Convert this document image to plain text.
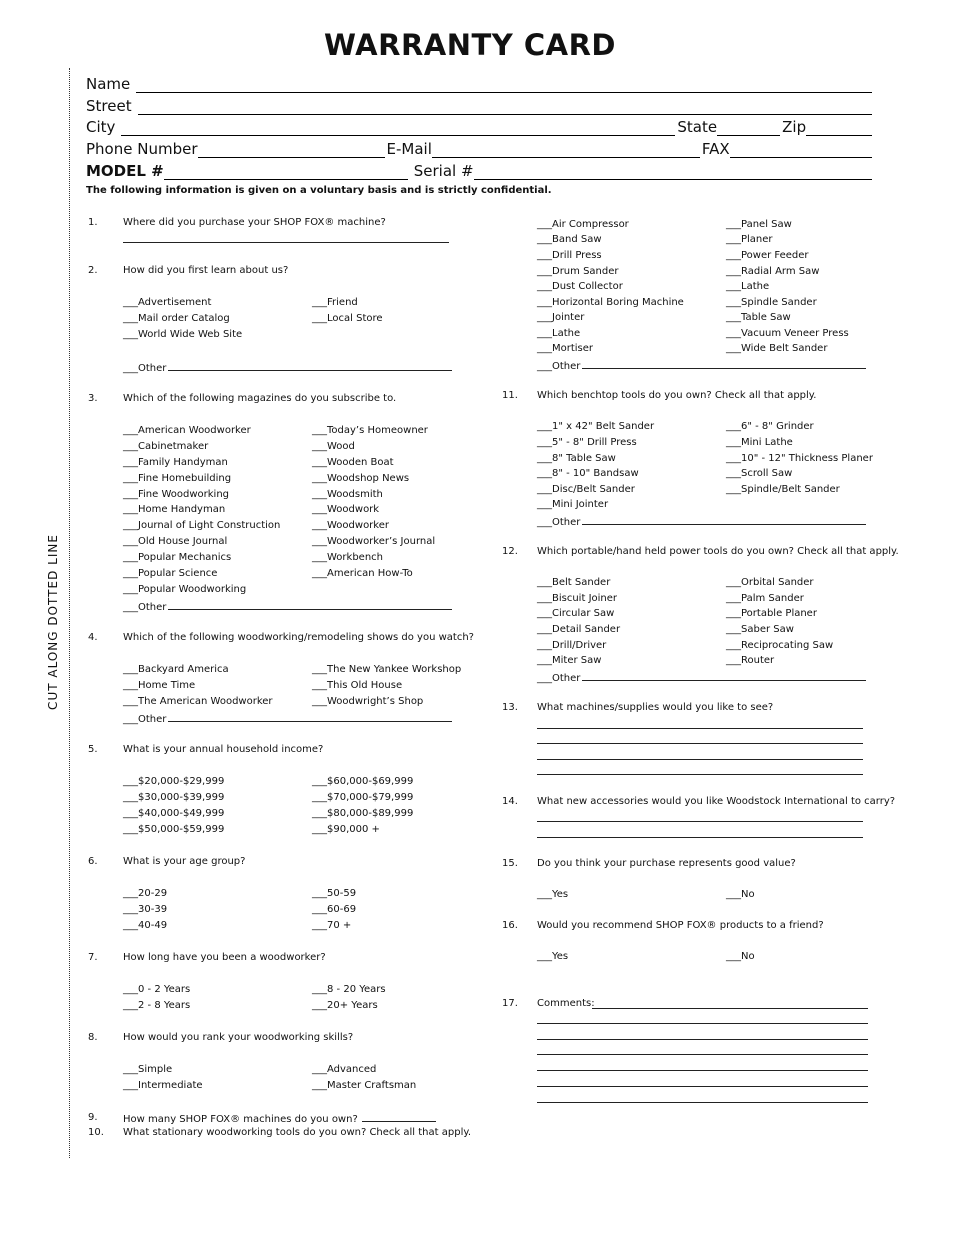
WARRANTY CARD
CUT ALONG DOTTED LINE
Name
Street
City	State	Zip
Phone Number	E-Mail	FAX
MODEL #	Serial #
The following information is given on a voluntary basis and is strictly confidential.
1.	Where did you purchase your SHOP FOX® machine?
2.	How did you first learn about us?
___ Advertisement
___ Mail order Catalog
___ World Wide Web Site
___ Friend
___ Local Store
___ Other
3.	Which of the following magazines do you subscribe to.
___ American Woodworker
___ Cabinetmaker
___ Family Handyman
___ Fine Homebuilding
___ Fine Woodworking
___ Home Handyman
___ Journal of Light Construction
___ Old House Journal
___ Popular Mechanics
___ Popular Science
___ Popular Woodworking
___ Today’s Homeowner
___ Wood
___ Wooden Boat
___ Woodshop News
___ Woodsmith
___ Woodwork
___ Woodworker
___ Woodworker’s Journal
___ Workbench
___ American How-To
___ Other
4.	Which of the following woodworking/remodeling shows do you watch?
___ Backyard America
___ Home Time
___ The American Woodworker
___ The New Yankee Workshop
___ This Old House
___ Woodwright’s Shop
___ Other
5.	What is your annual household income?
___ $20,000-$29,999
___ $30,000-$39,999
___ $40,000-$49,999
___ $50,000-$59,999
___ $60,000-$69,999
___ $70,000-$79,999
___ $80,000-$89,999
___ $90,000 +
6.	What is your age group?
___ 20-29
___ 30-39
___ 40-49
___ 50-59
___ 60-69
___ 70 +
7.	How long have you been a woodworker?
___ 0 - 2 Years
___ 2 - 8 Years
___ 8 - 20 Years
___ 20+ Years
8.	How would you rank your woodworking skills?
___ Simple
___ Intermediate
___ Advanced
___ Master Craftsman
9.	How many SHOP FOX® machines do you own?
10. What stationary woodworking tools do you own? Check all that apply.
___ Air Compressor
___ Band Saw
___ Drill Press
___ Drum Sander
___ Dust Collector
___ Horizontal Boring Machine
___ Jointer
___ Lathe
___ Mortiser
___ Panel Saw
___ Planer
___ Power Feeder
___ Radial Arm Saw
___ Lathe
___ Spindle Sander
___ Table Saw
___ Vacuum Veneer Press
___ Wide Belt Sander
___ Other
11. Which benchtop tools do you own? Check all that apply.
___ 1" x 42" Belt Sander
___ 5" - 8" Drill Press
___ 8" Table Saw
___ 8" - 10" Bandsaw
___ Disc/Belt Sander
___ Mini Jointer
___ 6" - 8" Grinder
___ Mini Lathe
___ 10" - 12" Thickness Planer
___ Scroll Saw
___ Spindle/Belt Sander
___ Other
12. Which portable/hand held power tools do you own? Check all that apply.
___ Belt Sander
___ Biscuit Joiner
___ Circular Saw
___ Detail Sander
___ Drill/Driver
___ Miter Saw
___ Orbital Sander
___ Palm Sander
___ Portable Planer
___ Saber Saw
___ Reciprocating Saw
___ Router
___ Other
13. What machines/supplies would you like to see?
14. What new accessories would you like Woodstock International to carry?
15. Do you think your purchase represents good value?
___ Yes	___ No
16. Would you recommend SHOP FOX® products to a friend?
___ Yes	___ No
17. Comments:
